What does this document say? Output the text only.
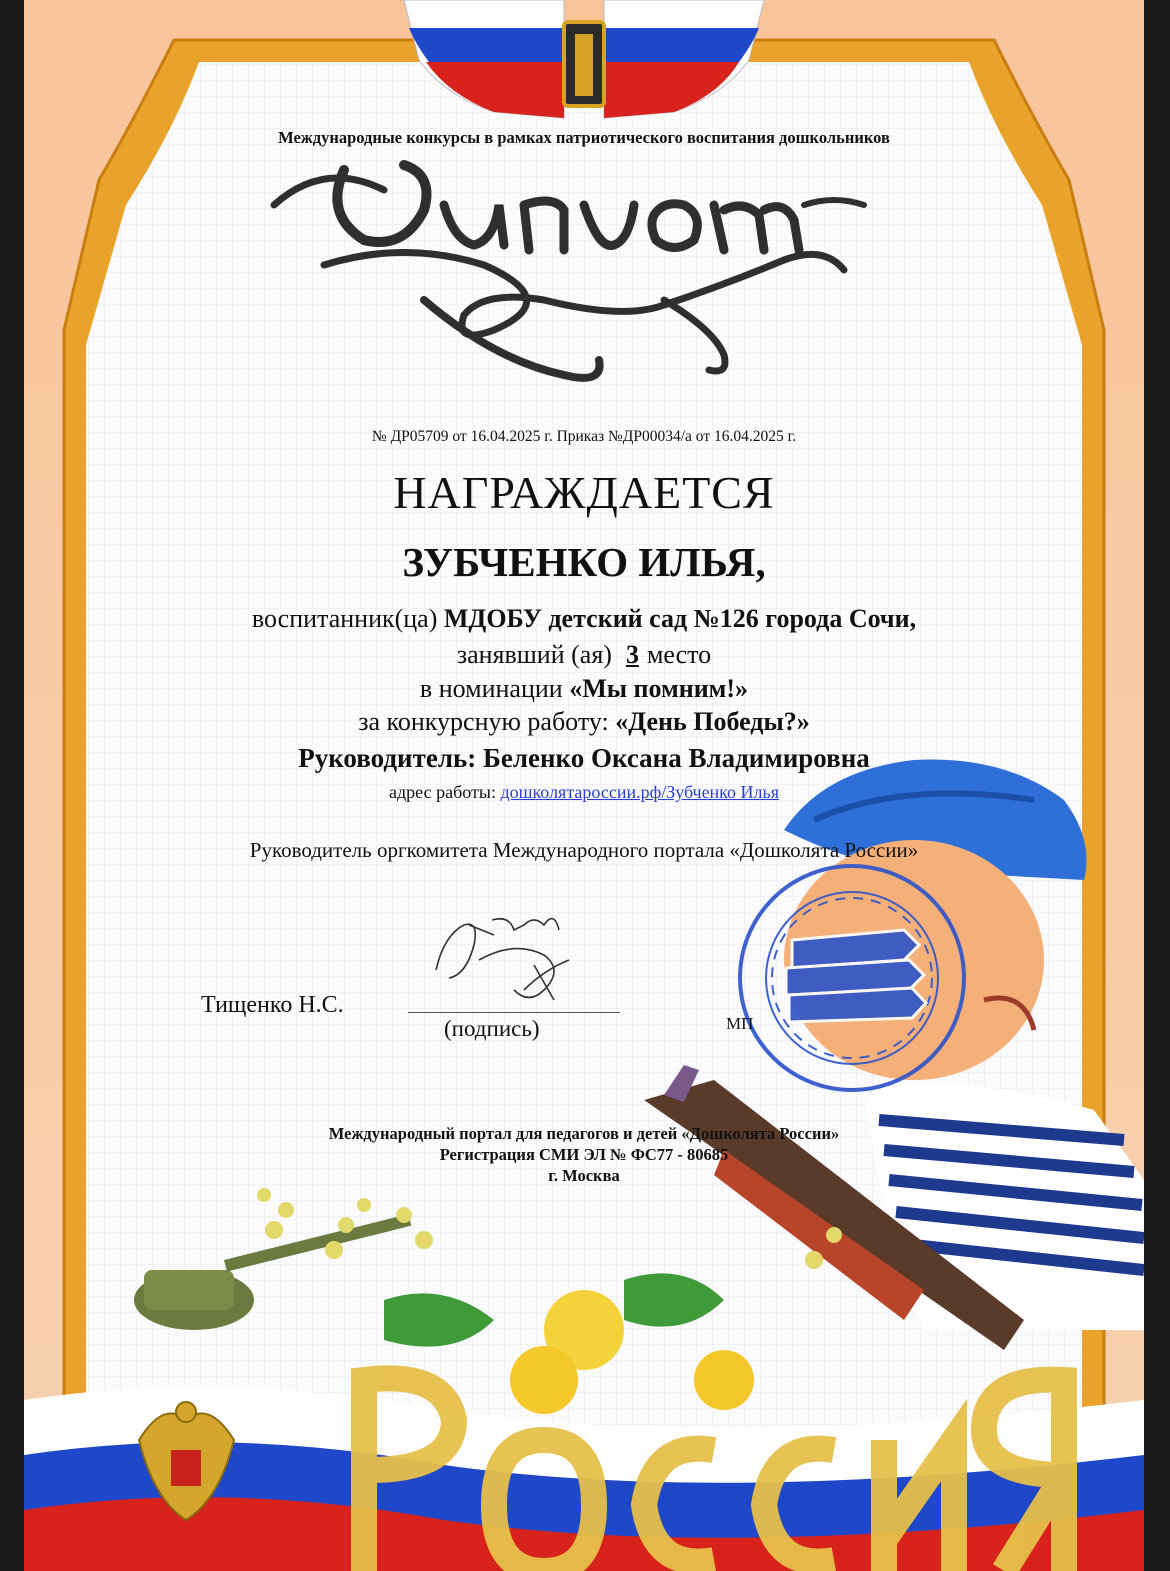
Международные конкурсы в рамках патриотического воспитания дошкольников

№ ДР05709 от 16.04.2025 г. Приказ №ДР00034/а от 16.04.2025 г.

НАГРАЖДАЕТСЯ

ЗУБЧЕНКО ИЛЬЯ,

воспитанник(ца) МДОБУ детский сад №126 города Сочи,

занявший (ая) 3 место

в номинации «Мы помним!»

за конкурсную работу: «День Победы?»

Руководитель: Беленко Оксана Владимировна

адрес работы: дошколятароссии.рф/Зубченко Илья

Руководитель оргкомитета Международного портала «Дошколята России»

Тищенко Н.С.
(подпись)	МП

Международный портал для педагогов и детей «Дошколята России»

Регистрация СМИ ЭЛ № ФС77 - 80685

г. Москва
